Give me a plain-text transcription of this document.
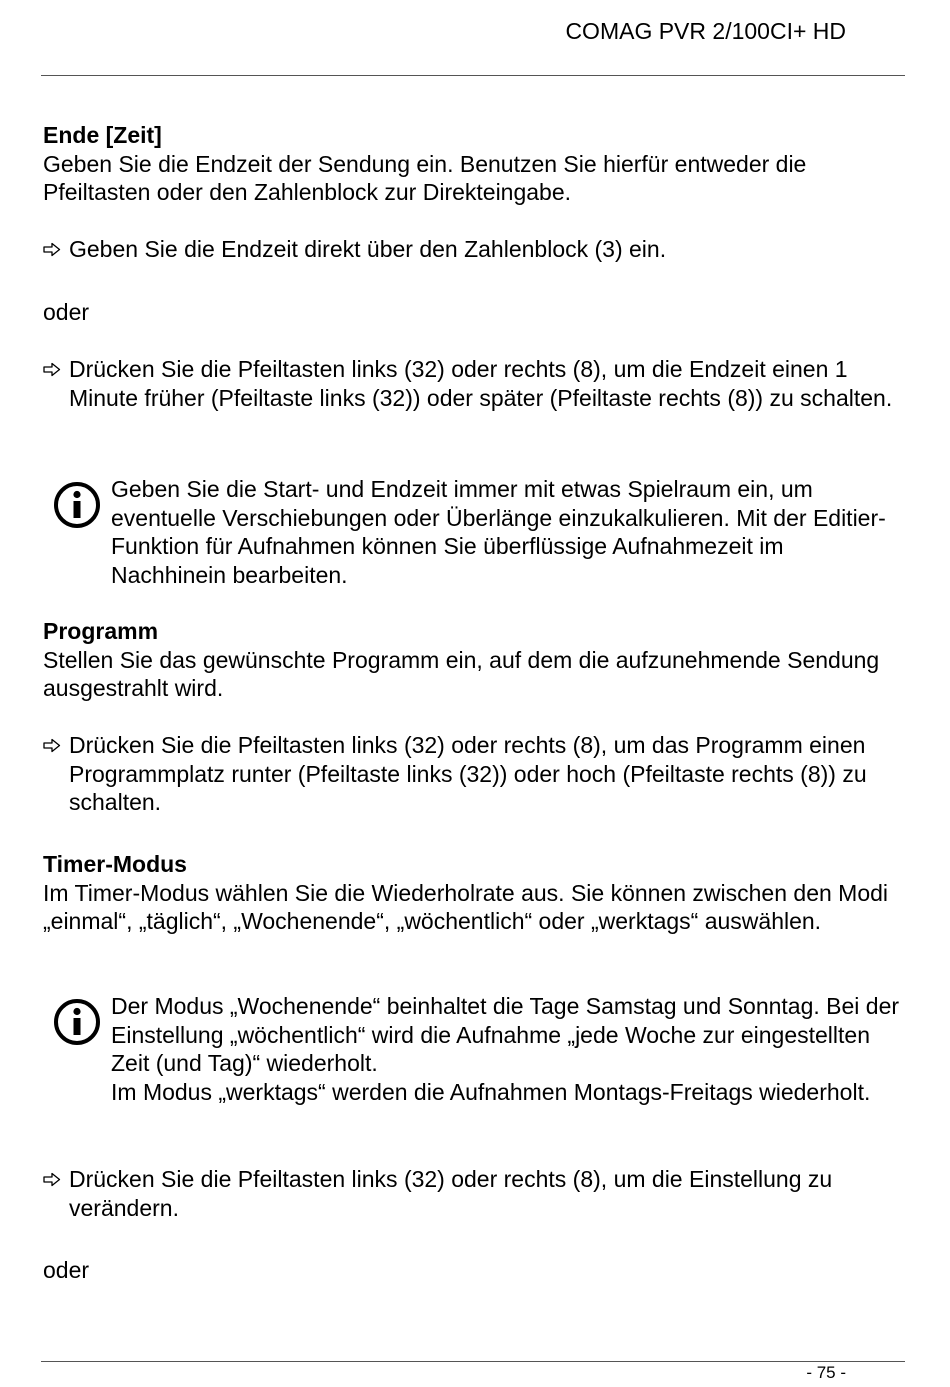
COMAG PVR 2/100CI+ HD
Ende [Zeit]
Geben Sie die Endzeit der Sendung ein. Benutzen Sie hierfür entweder die Pfeiltasten oder den Zahlenblock zur Direkteingabe.
Geben Sie die Endzeit direkt über den Zahlenblock (3) ein.
oder
Drücken Sie die Pfeiltasten links (32) oder rechts (8), um die Endzeit einen 1 Minute früher (Pfeiltaste links (32)) oder später (Pfeiltaste rechts (8)) zu schalten.
Geben Sie die Start- und Endzeit immer mit etwas Spielraum ein, um eventuelle Verschiebungen oder Überlänge einzukalkulieren. Mit der Editier-Funktion für Aufnahmen können Sie überflüssige Aufnahmezeit im Nachhinein bearbeiten.
Programm
Stellen Sie das gewünschte Programm ein, auf dem die aufzunehmende Sendung ausgestrahlt wird.
Drücken Sie die Pfeiltasten links (32) oder rechts (8), um das Programm einen Programmplatz runter (Pfeiltaste links (32)) oder hoch (Pfeiltaste rechts (8)) zu schalten.
Timer-Modus
Im Timer-Modus wählen Sie die Wiederholrate aus. Sie können zwischen den Modi „einmal“, „täglich“, „Wochenende“, „wöchentlich“ oder „werktags“ auswählen.
Der Modus „Wochenende“ beinhaltet die Tage Samstag und Sonntag. Bei der Einstellung „wöchentlich“ wird die Aufnahme „jede Woche zur eingestellten Zeit (und Tag)“ wiederholt.
Im Modus „werktags“ werden die Aufnahmen Montags-Freitags wiederholt.
Drücken Sie die Pfeiltasten links (32) oder rechts (8), um die Einstellung zu verändern.
oder
- 75 -
